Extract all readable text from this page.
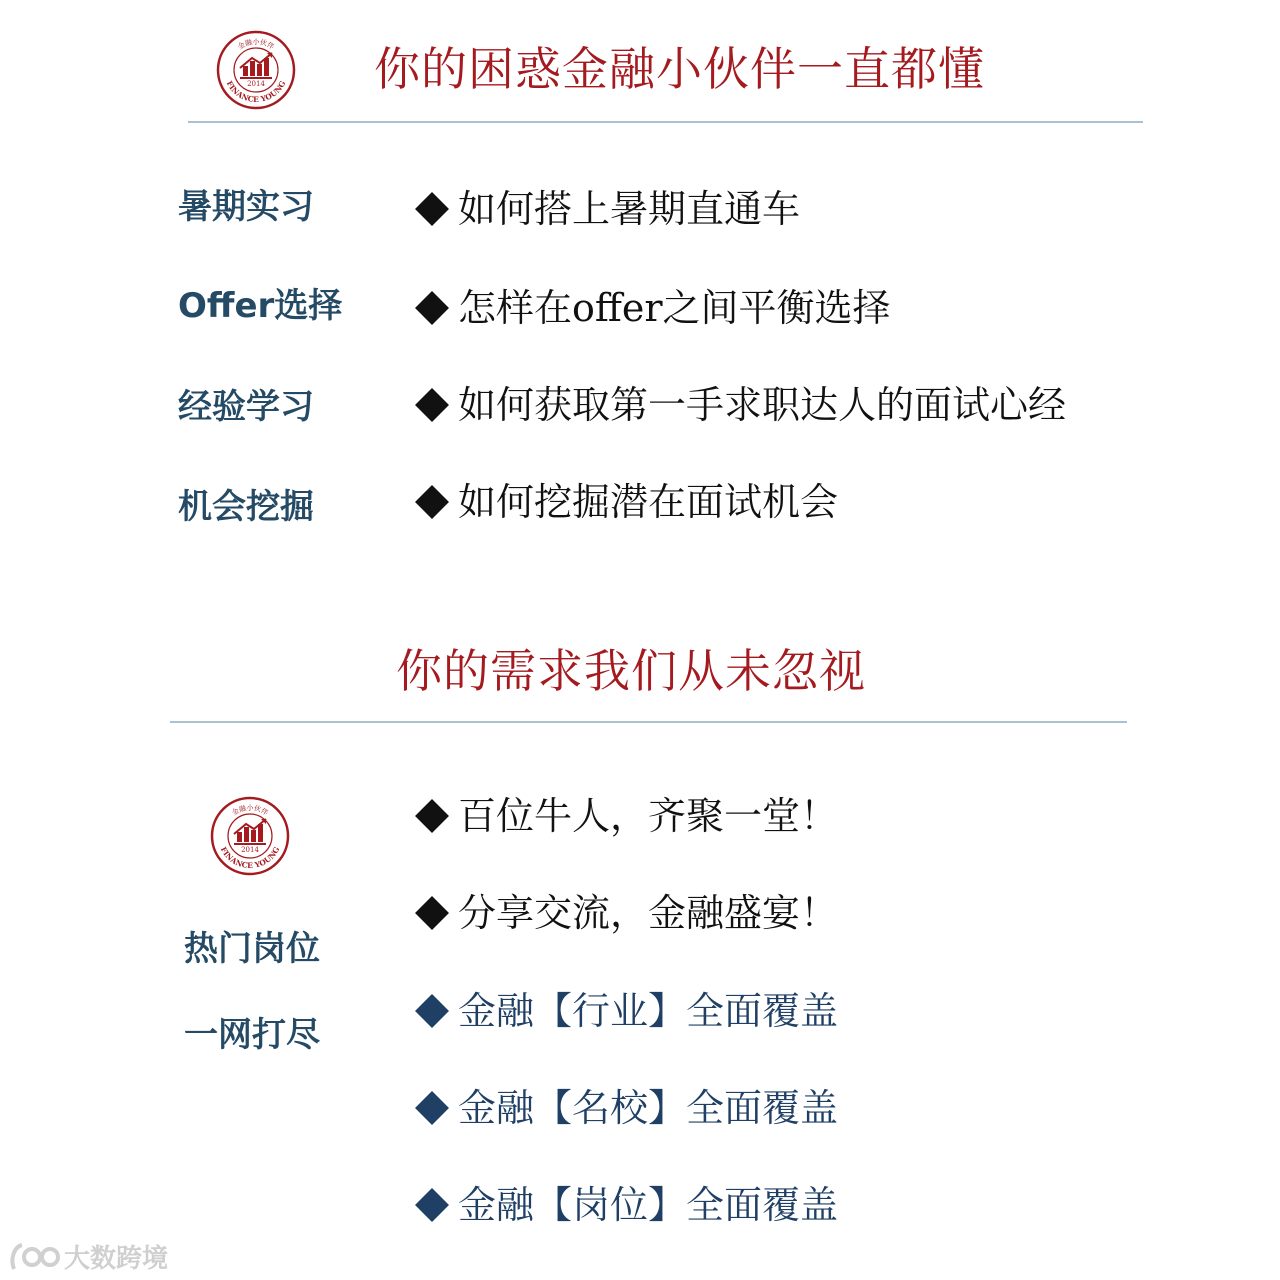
金融小伙伴
2014
FINANCE YOUNG 你的困惑金融小伙伴一直都懂
暑期实习	如何搭上暑期直通车
Offer选择	怎样在offer之间平衡选择
经验学习	如何获取第一手求职达人的面试心经
机会挖掘	如何挖掘潜在面试机会
你的需求我们从未忽视
金融小伙伴
2014
FINANCE YOUNG
热门岗位
一网打尽
百位牛人，齐聚一堂！
分享交流，金融盛宴！
金融【行业】全面覆盖
金融【名校】全面覆盖
金融【岗位】全面覆盖
大数跨境
